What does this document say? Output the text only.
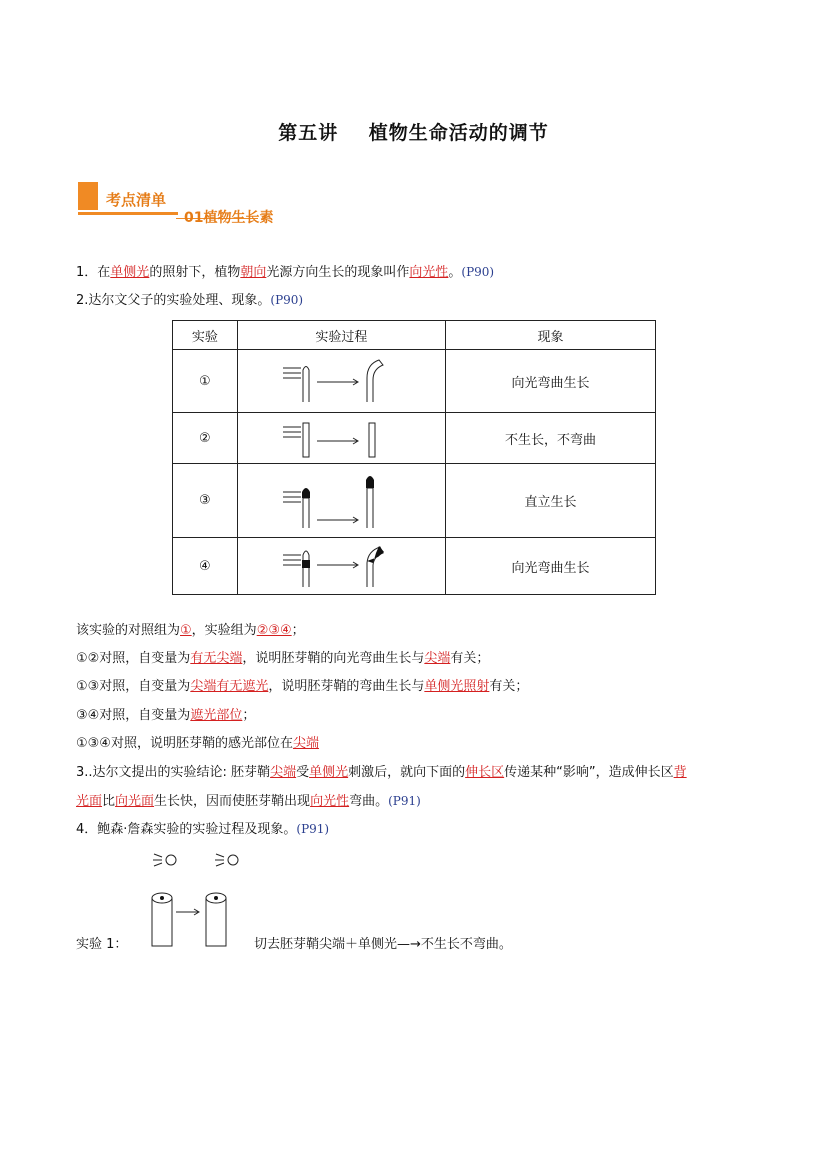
第五讲    植物生命活动的调节
考点清单
01植物生长素
1．在单侧光的照射下，植物朝向光源方向生长的现象叫作向光性。(P90)
2.达尔文父子的实验处理、现象。(P90)
实验	实验过程	现象
①		向光弯曲生长
②		不生长，不弯曲
③		直立生长
④		向光弯曲生长
该实验的对照组为①，实验组为②③④；
①②对照，自变量为有无尖端，说明胚芽鞘的向光弯曲生长与尖端有关；
①③对照，自变量为尖端有无遮光，说明胚芽鞘的弯曲生长与单侧光照射有关；
③④对照，自变量为遮光部位；
①③④对照，说明胚芽鞘的感光部位在尖端
3..达尔文提出的实验结论: 胚芽鞘尖端受单侧光刺激后，就向下面的伸长区传递某种“影响”，造成伸长区背
光面比向光面生长快，因而使胚芽鞘出现向光性弯曲。(P91)
4．鲍森·詹森实验的实验过程及现象。(P91)
实验 1：	切去胚芽鞘尖端＋单侧光—→不生长不弯曲。
